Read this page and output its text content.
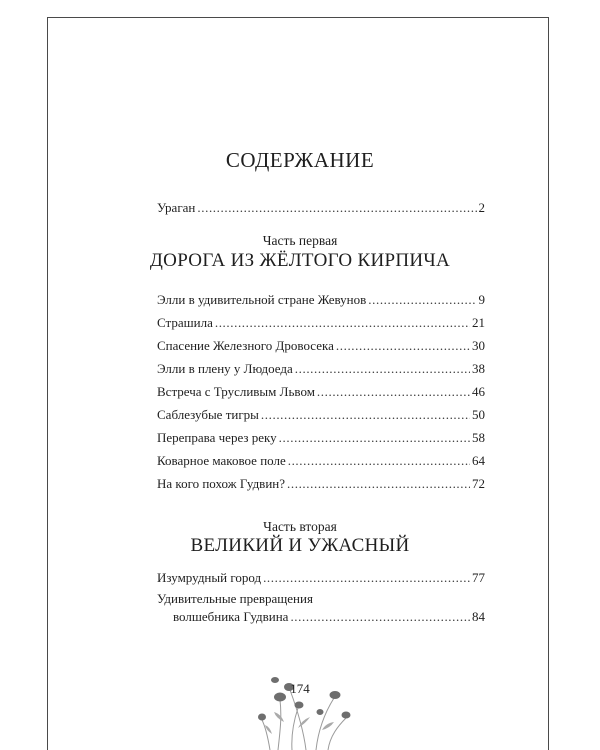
СОДЕРЖАНИЕ
Ураган .....	2
Часть первая
ДОРОГА ИЗ ЖЁЛТОГО КИРПИЧА
Элли в удивительной стране Жевунов .....	9
Страшила .....	21
Спасение Железного Дровосека .....	30
Элли в плену у Людоеда .....	38
Встреча с Трусливым Львом .....	46
Саблезубые тигры .....	50
Переправа через реку .....	58
Коварное маковое поле .....	64
На кого похож Гудвин? .....	72
Часть вторая
ВЕЛИКИЙ И УЖАСНЫЙ
Изумрудный город .....	77
Удивительные превращения
волшебника Гудвина .....	84
174
